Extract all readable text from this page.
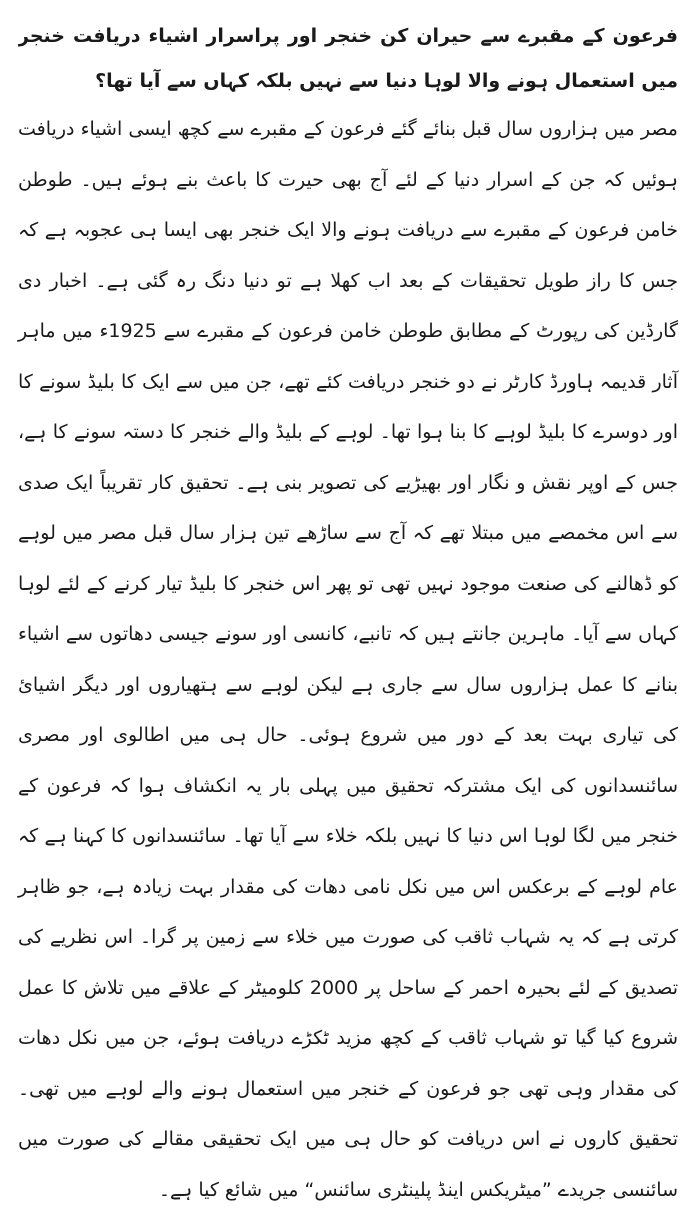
فرعون کے مقبرے سے حیران کن خنجر اور پراسرار اشیاء دریافت خنجر میں استعمال ہونے والا لوہا دنیا سے نہیں بلکہ کہاں سے آیا تھا؟

مصر میں ہزاروں سال قبل بنائے گئے فرعون کے مقبرے سے کچھ ایسی اشیاء دریافت ہوئیں کہ جن کے اسرار دنیا کے لئے آج بھی حیرت کا باعث بنے ہوئے ہیں۔ طوطن خامن فرعون کے مقبرے سے دریافت ہونے والا ایک خنجر بھی ایسا ہی عجوبہ ہے کہ جس کا راز طویل تحقیقات کے بعد اب کھلا ہے تو دنیا دنگ رہ گئی ہے۔ اخبار دی گارڈین کی رپورٹ کے مطابق طوطن خامن فرعون کے مقبرے سے 1925ء میں ماہر آثار قدیمہ ہاورڈ کارٹر نے دو خنجر دریافت کئے تھے، جن میں سے ایک کا بلیڈ سونے کا اور دوسرے کا بلیڈ لوہے کا بنا ہوا تھا۔ لوہے کے بلیڈ والے خنجر کا دستہ سونے کا ہے، جس کے اوپر نقش و نگار اور بھیڑیے کی تصویر بنی ہے۔ تحقیق کار تقریباً ایک صدی سے اس مخمصے میں مبتلا تھے کہ آج سے ساڑھے تین ہزار سال قبل مصر میں لوہے کو ڈھالنے کی صنعت موجود نہیں تھی تو پھر اس خنجر کا بلیڈ تیار کرنے کے لئے لوہا کہاں سے آیا۔ ماہرین جانتے ہیں کہ تانبے، کانسی اور سونے جیسی دھاتوں سے اشیاء بنانے کا عمل ہزاروں سال سے جاری ہے لیکن لوہے سے ہتھیاروں اور دیگر اشیائ کی تیاری بہت بعد کے دور میں شروع ہوئی۔ حال ہی میں اطالوی اور مصری سائنسدانوں کی ایک مشترکہ تحقیق میں پہلی بار یہ انکشاف ہوا کہ فرعون کے خنجر میں لگا لوہا اس دنیا کا نہیں بلکہ خلاء سے آیا تھا۔ سائنسدانوں کا کہنا ہے کہ عام لوہے کے برعکس اس میں نکل نامی دھات کی مقدار بہت زیادہ ہے، جو ظاہر کرتی ہے کہ یہ شہاب ثاقب کی صورت میں خلاء سے زمین پر گرا۔ اس نظریے کی تصدیق کے لئے بحیرہ احمر کے ساحل پر 2000 کلومیٹر کے علاقے میں تلاش کا عمل شروع کیا گیا تو شہاب ثاقب کے کچھ مزید ٹکڑے دریافت ہوئے، جن میں نکل دھات کی مقدار وہی تھی جو فرعون کے خنجر میں استعمال ہونے والے لوہے میں تھی۔ تحقیق کاروں نے اس دریافت کو حال ہی میں ایک تحقیقی مقالے کی صورت میں سائنسی جریدے ”میٹریکس اینڈ پلینٹری سائنس“ میں شائع کیا ہے۔
